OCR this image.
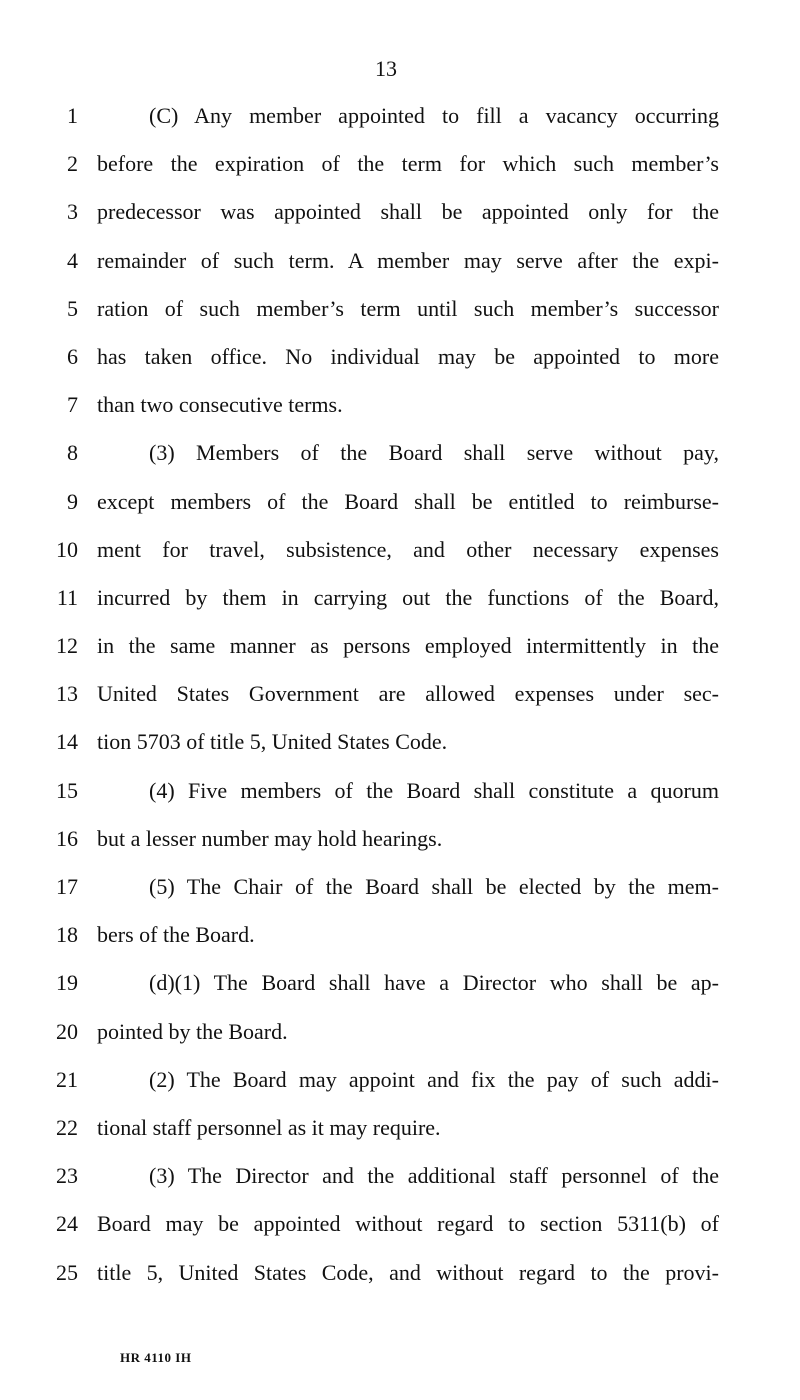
13
1	(C) Any member appointed to fill a vacancy occurring
2 before the expiration of the term for which such member’s
3 predecessor was appointed shall be appointed only for the
4 remainder of such term. A member may serve after the expi-
5 ration of such member’s term until such member’s successor
6 has taken office. No individual may be appointed to more
7 than two consecutive terms.
8	(3) Members of the Board shall serve without pay,
9 except members of the Board shall be entitled to reimburse-
10 ment for travel, subsistence, and other necessary expenses
11 incurred by them in carrying out the functions of the Board,
12 in the same manner as persons employed intermittently in the
13 United States Government are allowed expenses under sec-
14 tion 5703 of title 5, United States Code.
15	(4) Five members of the Board shall constitute a quorum
16 but a lesser number may hold hearings.
17	(5) The Chair of the Board shall be elected by the mem-
18 bers of the Board.
19	(d)(1) The Board shall have a Director who shall be ap-
20 pointed by the Board.
21	(2) The Board may appoint and fix the pay of such addi-
22 tional staff personnel as it may require.
23	(3) The Director and the additional staff personnel of the
24 Board may be appointed without regard to section 5311(b) of
25 title 5, United States Code, and without regard to the provi-
HR 4110 IH
